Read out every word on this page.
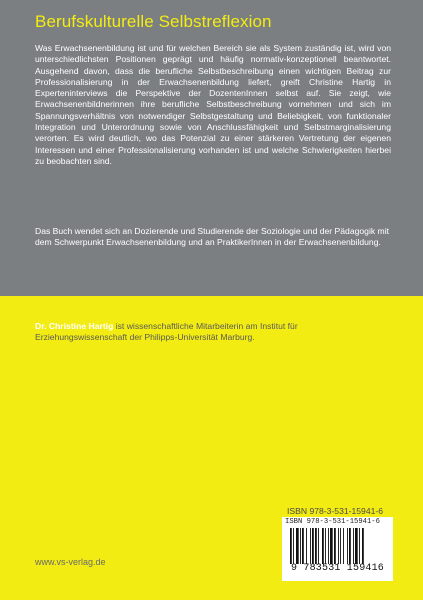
Berufskulturelle Selbstreflexion

Was Erwachsenenbildung ist und für welchen Bereich sie als System zuständig ist, wird von unterschiedlichsten Positionen geprägt und häufig normativ-konzeptionell beantwortet. Ausgehend davon, dass die berufliche Selbstbeschreibung einen wichtigen Beitrag zur Professionalisierung in der Erwachsenenbildung liefert, greift Christine Hartig in Experteninterviews die Perspektive der DozentenInnen selbst auf. Sie zeigt, wie Erwachsenenbildnerinnen ihre berufliche Selbstbeschreibung vornehmen und sich im Spannungsverhältnis von notwendiger Selbstgestaltung und Beliebigkeit, von funktionaler Integration und Unterordnung sowie von Anschlussfähigkeit und Selbstmarginalisierung verorten. Es wird deutlich, wo das Potenzial zu einer stärkeren Vertretung der eigenen Interessen und einer Professionalisierung vorhanden ist und welche Schwierigkeiten hierbei zu beobachten sind.

Das Buch wendet sich an Dozierende und Studierende der Soziologie und der Pädagogik mit dem Schwerpunkt Erwachsenenbildung und an PraktikerInnen in der Erwachsenenbildung.

Dr. Christine Hartig ist wissenschaftliche Mitarbeiterin am Institut für Erziehungswissenschaft der Philipps-Universität Marburg.

ISBN 978-3-531-15941-6

ISBN 978-3-531-15941-6
9 783531 159416

www.vs-verlag.de
